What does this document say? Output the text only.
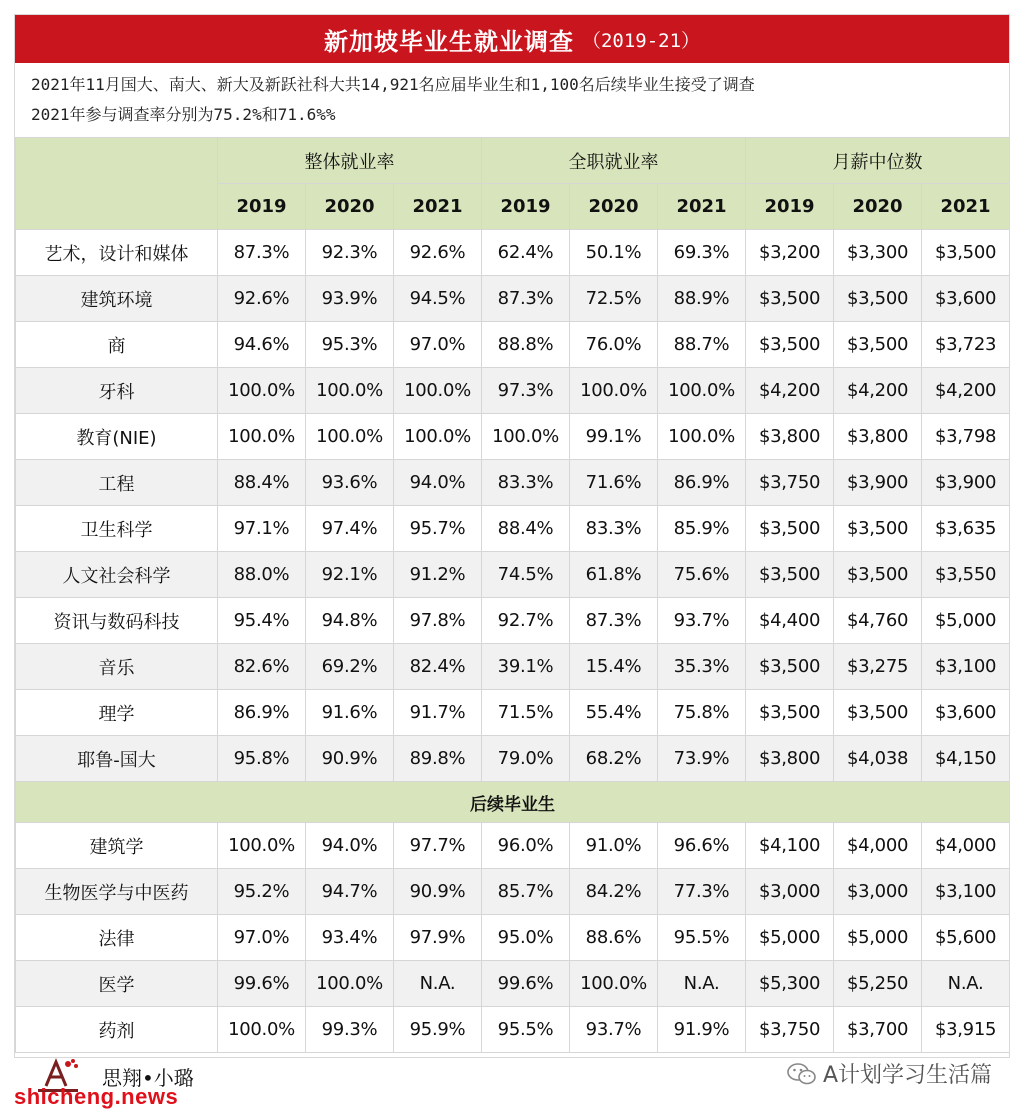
新加坡毕业生就业调查 （2019-21）
2021年11月国大、南大、新大及新跃社科大共14,921名应届毕业生和1,100名后续毕业生接受了调查
2021年参与调查率分别为75.2%和71.6%%
	整体就业率			全职就业率			月薪中位数		
	2019	2020	2021	2019	2020	2021	2019	2020	2021
艺术，设计和媒体	87.3%	92.3%	92.6%	62.4%	50.1%	69.3%	$3,200	$3,300	$3,500
建筑环境	92.6%	93.9%	94.5%	87.3%	72.5%	88.9%	$3,500	$3,500	$3,600
商	94.6%	95.3%	97.0%	88.8%	76.0%	88.7%	$3,500	$3,500	$3,723
牙科	100.0%	100.0%	100.0%	97.3%	100.0%	100.0%	$4,200	$4,200	$4,200
教育(NIE)	100.0%	100.0%	100.0%	100.0%	99.1%	100.0%	$3,800	$3,800	$3,798
工程	88.4%	93.6%	94.0%	83.3%	71.6%	86.9%	$3,750	$3,900	$3,900
卫生科学	97.1%	97.4%	95.7%	88.4%	83.3%	85.9%	$3,500	$3,500	$3,635
人文社会科学	88.0%	92.1%	91.2%	74.5%	61.8%	75.6%	$3,500	$3,500	$3,550
资讯与数码科技	95.4%	94.8%	97.8%	92.7%	87.3%	93.7%	$4,400	$4,760	$5,000
音乐	82.6%	69.2%	82.4%	39.1%	15.4%	35.3%	$3,500	$3,275	$3,100
理学	86.9%	91.6%	91.7%	71.5%	55.4%	75.8%	$3,500	$3,500	$3,600
耶鲁-国大	95.8%	90.9%	89.8%	79.0%	68.2%	73.9%	$3,800	$4,038	$4,150
后续毕业生									
建筑学	100.0%	94.0%	97.7%	96.0%	91.0%	96.6%	$4,100	$4,000	$4,000
生物医学与中医药	95.2%	94.7%	90.9%	85.7%	84.2%	77.3%	$3,000	$3,000	$3,100
法律	97.0%	93.4%	97.9%	95.0%	88.6%	95.5%	$5,000	$5,000	$5,600
医学	99.6%	100.0%	N.A.	99.6%	100.0%	N.A.	$5,300	$5,250	N.A.
药剂	100.0%	99.3%	95.9%	95.5%	93.7%	91.9%	$3,750	$3,700	$3,915
思翔•小璐
shicheng.news
A计划学习生活篇
